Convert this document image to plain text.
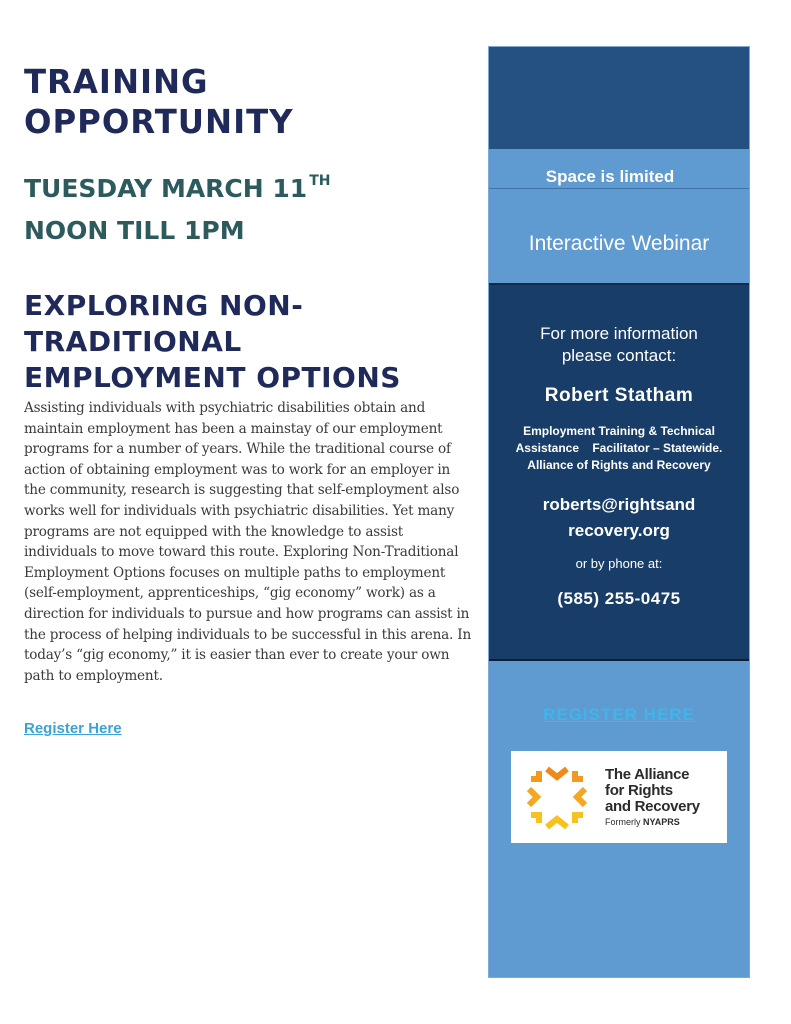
TRAINING
OPPORTUNITY
TUESDAY MARCH 11 $^{TH}$
NOON TILL 1PM
EXPLORING NON-
TRADITIONAL
EMPLOYMENT OPTIONS
Assisting individuals with psychiatric disabilities obtain and maintain employment has been a mainstay of our employment programs for a number of years. While the traditional course of action of obtaining employment was to work for an employer in the community, research is suggesting that self-employment also works well for individuals with psychiatric disabilities. Yet many programs are not equipped with the knowledge to assist individuals to move toward this route. Exploring Non-Traditional Employment Options focuses on multiple paths to employment (self-employment, apprenticeships, “gig economy” work) as a direction for individuals to pursue and how programs can assist in the process of helping individuals to be successful in this arena. In today’s “gig economy,” it is easier than ever to create your own path to employment.
Register Here
Space is limited
Interactive Webinar
For more information
please contact:
Robert Statham
Employment Training & Technical
Assistance    Facilitator – Statewide.
Alliance of Rights and Recovery
roberts@rightsand
recovery.org
or by phone at:
(585) 255-0475
REGISTER HERE
The Alliance
for Rights
and Recovery
Formerly NYAPRS
